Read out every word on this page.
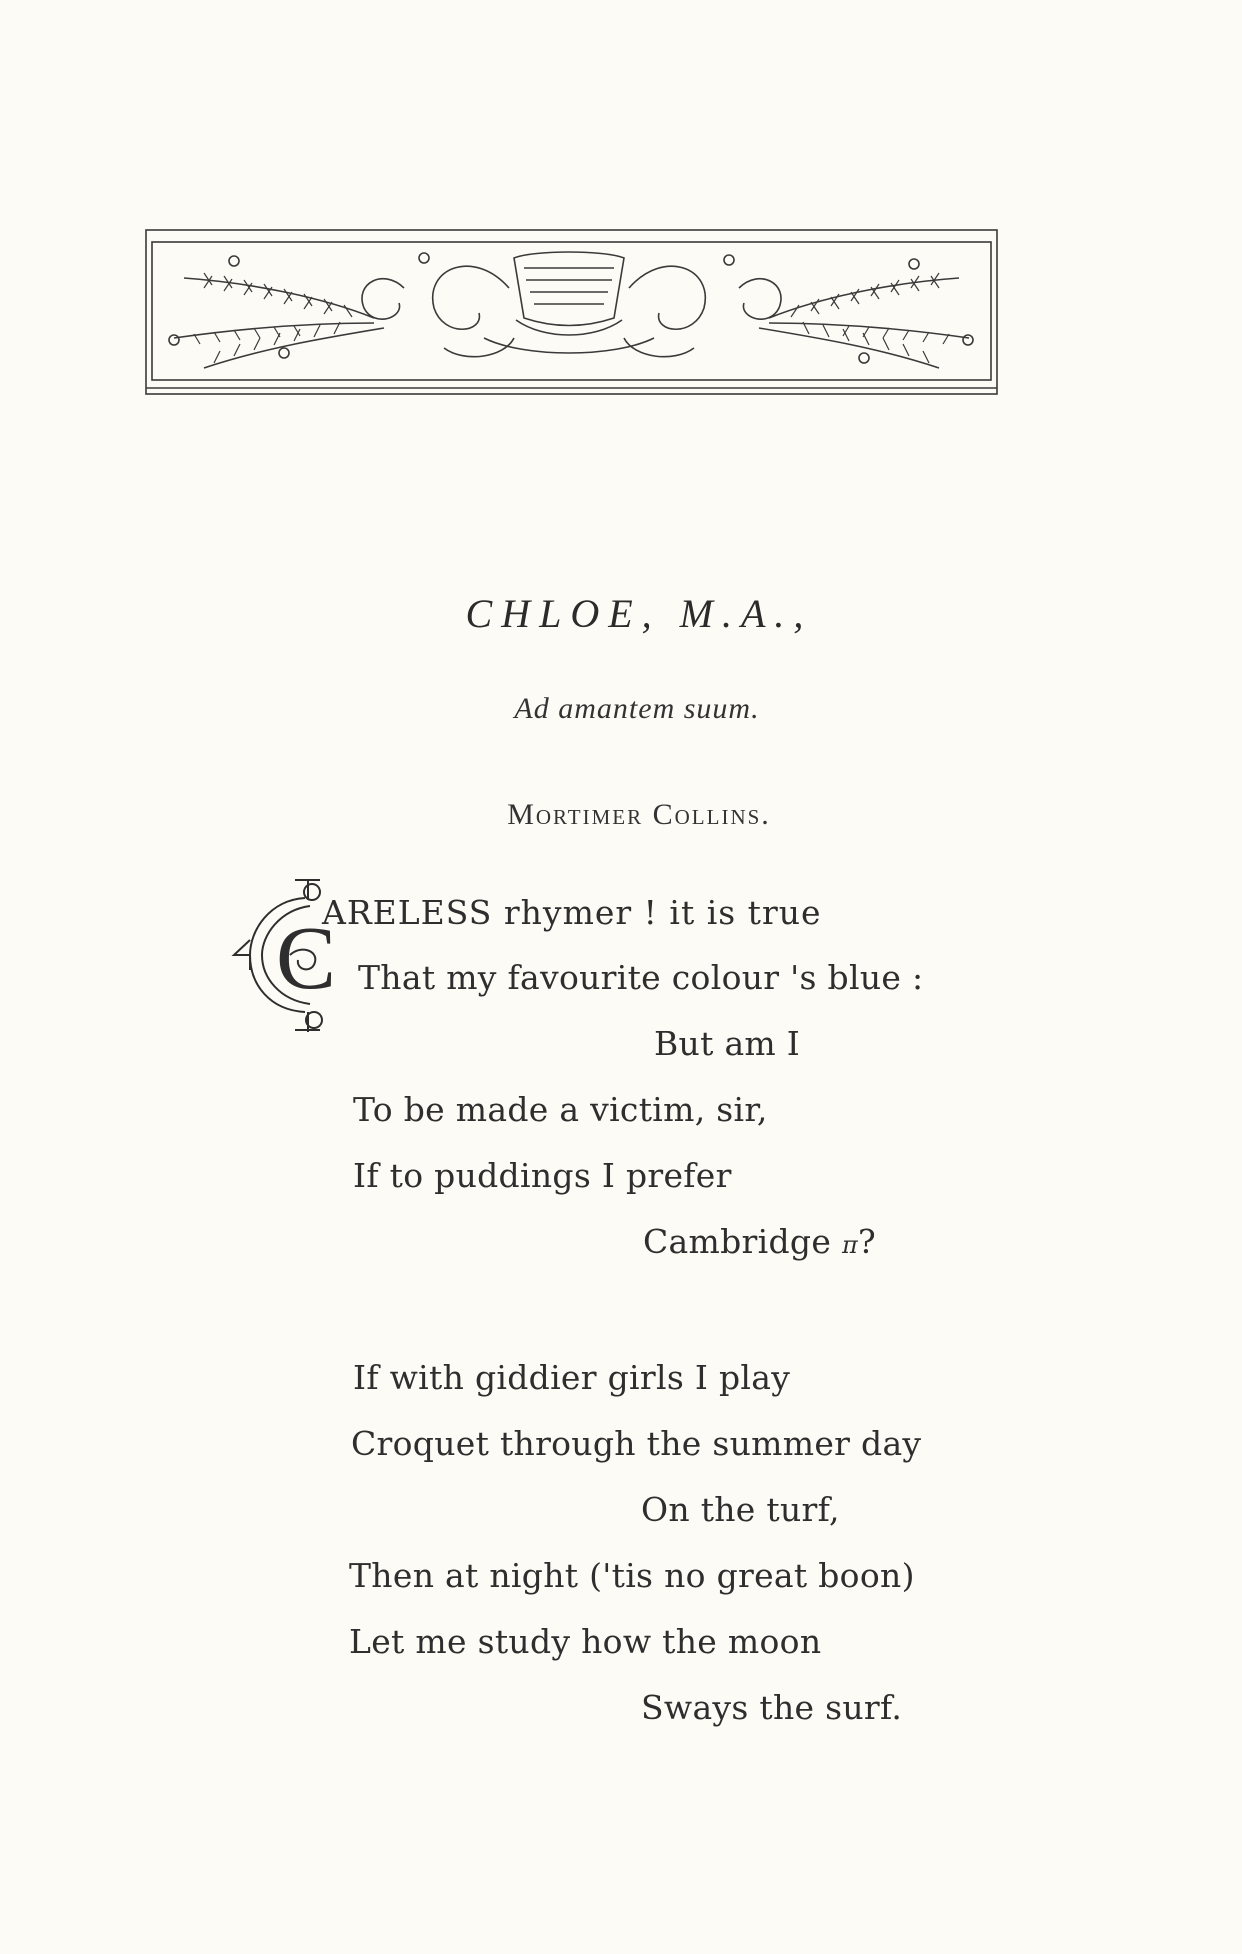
CHLOE, M.A.,
Ad amantem suum.
Mortimer Collins.
C
ARELESS rhymer ! it is true
That my favourite colour 's blue :
But am I
To be made a victim, sir,
If to puddings I prefer
Cambridge π?
If with giddier girls I play
Croquet through the summer day
On the turf,
Then at night ('tis no great boon)
Let me study how the moon
Sways the surf.
